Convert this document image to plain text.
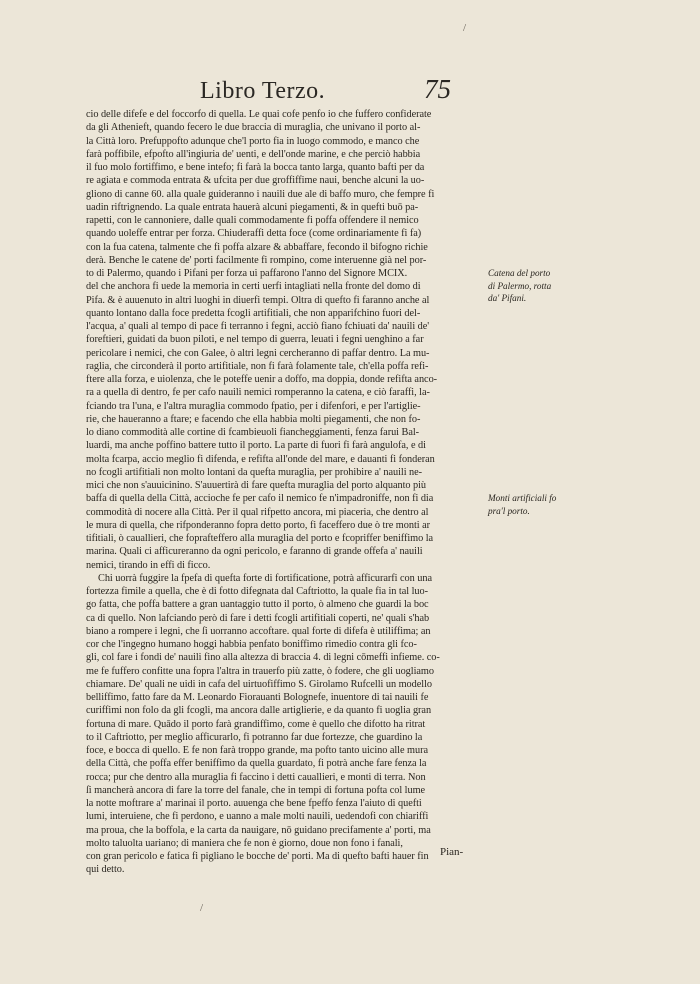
/
Libro Terzo.	75
cio delle difefe e del foccorfo di quella. Le quai cofe penfo io che fuffero confiderate
da gli Athenieft, quando fecero le due braccia di muraglia, che univano il porto al-
la Città loro. Prefuppofto adunque che'l porto fia in luogo commodo, e manco che
farà poffibile, efpofto all'ingiuria de' uenti, e dell'onde marine, e che perciò habbia
il fuo molo fortiffimo, e bene intefo; fi farà la bocca tanto larga, quanto bafti per da
re agiata e commoda entrata & ufcita per due groffiffime naui, benche alcuni la uo-
gliono di canne 60. alla quale guideranno i nauili due ale di baffo muro, che fempre fi
uadin riftrignendo. La quale entrata hauerà alcuni piegamenti, & in quefti buō pa-
rapetti, con le cannoniere, dalle quali commodamente fi poffa offendere il nemico
quando uoleffe entrar per forza. Chiuderaffi detta foce (come ordinariamente fi fa)
con la fua catena, talmente che fi poffa alzare & abbaffare, fecondo il bifogno richie
derà. Benche le catene de' porti facilmente fi rompino, come interuenne già nel por-
to di Palermo, quando i Pifani per forza ui paffarono l'anno del Signore MCIX.
del che anchora fi uede la memoria in certi uerfi intagliati nella fronte del domo di
Pifa. & è auuenuto in altri luoghi in diuerfi tempi. Oltra di quefto fi faranno anche al
quanto lontano dalla foce predetta fcogli artifitiali, che non apparifchino fuori del-
l'acqua, a' quali al tempo di pace fi terranno i fegni, acciò fiano fchiuati da' nauili de'
foreftieri, guidati da buon piloti, e nel tempo di guerra, leuati i fegni uenghino a far
pericolare i nemici, che con Galee, ò altri legni cercheranno di paffar dentro. La mu-
raglia, che circonderà il porto artifitiale, non fi farà folamente tale, ch'ella poffa refi-
ftere alla forza, e uiolenza, che le poteffe uenir a doffo, ma doppia, donde refifta anco-
ra a quella di dentro, fe per cafo nauili nemici romperanno la catena, e ciò faraffi, la-
fciando tra l'una, e l'altra muraglia commodo fpatio, per i difenfori, e per l'artiglie-
rie, che haueranno a ftare; e facendo che ella habbia molti piegamenti, che non fo-
lo diano commodità alle cortine di fcambieuoli fiancheggiamenti, fenza farui Bal-
luardi, ma anche poffino battere tutto il porto. La parte di fuori fi farà angulofa, e di
molta fcarpa, accio meglio fi difenda, e refifta all'onde del mare, e dauanti fi fonderan
no fcogli artifitiali non molto lontani da quefta muraglia, per prohibire a' nauili ne-
mici che non s'auuicinino. S'auuertirà di fare quefta muraglia del porto alquanto più
baffa di quella della Città, accioche fe per cafo il nemico fe n'impadroniffe, non fi dia
commodità di nocere alla Città. Per il qual rifpetto ancora, mi piaceria, che dentro al
le mura di quella, che rifponderanno fopra detto porto, fi faceffero due ò tre monti ar
tifitiali, ò cauallieri, che foprafteffero alla muraglia del porto e fcopriffer beniffimo la
marina. Quali ci afficureranno da ogni pericolo, e faranno di grande offefa a' nauili
nemici, tirando in effi di ficco.
Chi uorrà fuggire la fpefa di quefta forte di fortificatione, potrà afficurarfi con una
fortezza fimile a quella, che è di fotto difegnata dal Caftriotto, la quale fia in tal luo-
go fatta, che poffa battere a gran uantaggio tutto il porto, ò almeno che guardi la boc
ca di quello. Non lafciando però di fare i detti fcogli artifitiali coperti, ne' quali s'hab
biano a rompere i legni, che ſi uorranno accoftare. qual forte di difefa è utiliffima; an
cor che l'ingegno humano hoggi habbia penfato boniffimo rimedio contra gli fco-
gli, col fare i fondi de' nauili fino alla altezza di braccia 4. di legni cōmeffi infieme. co-
me fe fuffero confitte una fopra l'altra in trauerfo più zatte, ò fodere, che gli uogliamo
chiamare. De' quali ne uidi in cafa del uirtuofiffimo S. Girolamo Rufcelli un modello
belliffimo, fatto fare da M. Leonardo Fiorauanti Bolognefe, inuentore di tai nauili fe
curiffimi non folo da gli fcogli, ma ancora dalle artiglierie, e da quanto fi uoglia gran
fortuna di mare. Quādo il porto farà grandiffimo, come è quello che difotto ha ritrat
to il Caftriotto, per meglio afficurarlo, fi potranno far due fortezze, che guardino la
foce, e bocca di quello. E fe non farà troppo grande, ma pofto tanto uicino alle mura
della Città, che poffa effer beniffimo da quella guardato, fi potrà anche fare fenza la
rocca; pur che dentro alla muraglia fi faccino i detti cauallieri, e monti di terra. Non
ſi mancherà ancora di fare la torre del fanale, che in tempi di fortuna pofta col lume
la notte moftrare a' marinai il porto. auuenga che bene fpeffo fenza l'aiuto di quefti
lumi, interuiene, che fi perdono, e uanno a male molti nauili, uedendofi con chiariffi
ma proua, che la boffola, e la carta da nauigare, nō guidano precifamente a' porti, ma
molto taluolta uariano; di maniera che fe non è giorno, doue non fono i fanali,
con gran pericolo e fatica fi pigliano le bocche de' porti. Ma di quefto bafti hauer fin
qui detto.
Catena del porto
di Palermo, rotta
da' Pifani.
Monti artificiali fo
pra'l porto.
Pian-
/
